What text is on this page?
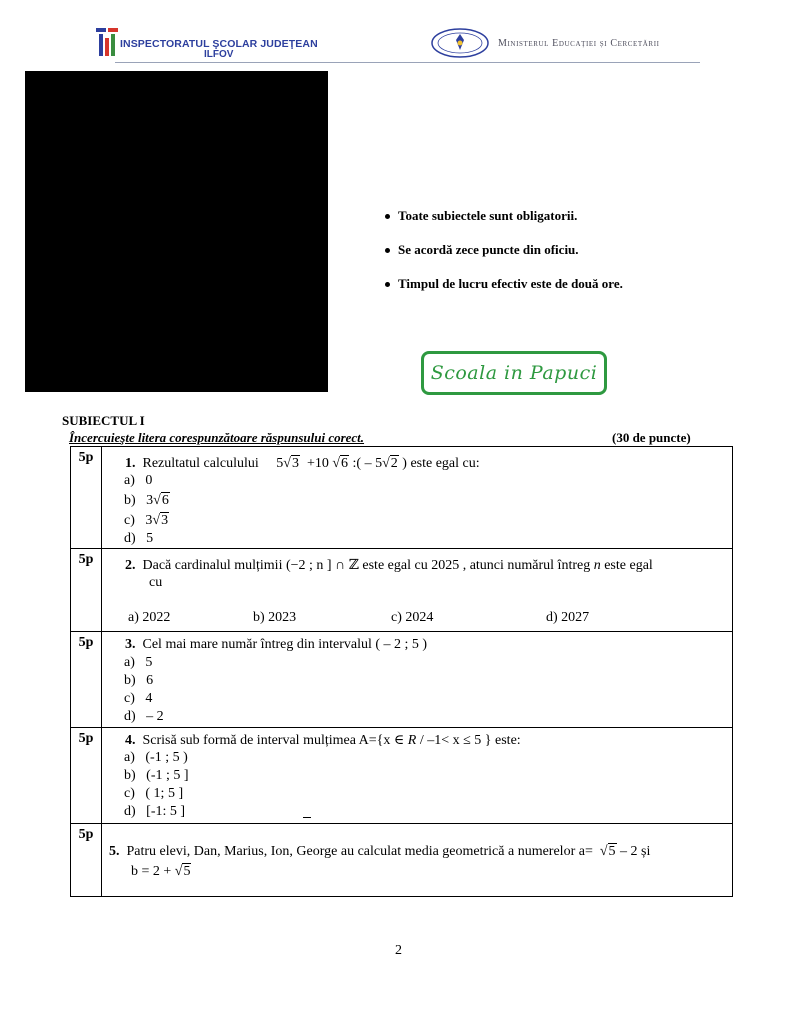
INSPECTORATUL ŞCOLAR JUDEŢEAN
ILFOV
Ministerul Educației și Cercetării
Toate subiectele sunt obligatorii.
Se acordă zece puncte din oficiu.
Timpul de lucru efectiv este de două ore.
Scoala in Papuci
SUBIECTUL I
Încercuieşte litera corespunzătoare răspunsului corect.	(30 de puncte)
5p	1. Rezultatul calculului 5√3 +10 √6 :( – 5√2 ) este egal cu:
a) 0
b) 3√6
c) 3√3
d) 5
5p	2. Dacă cardinalul mulțimii (−2 ; n ] ∩ ℤ este egal cu 2025 , atunci numărul întreg n este egal
cu
a) 2022	b) 2023	c) 2024	d) 2027
5p	3. Cel mai mare număr întreg din intervalul ( – 2 ; 5 )
a) 5
b) 6
c) 4
d) – 2
5p	4. Scrisă sub formă de interval mulțimea A={x ∈ R / –1< x ≤ 5 } este:
a) (-1 ; 5 )
b) (-1 ; 5 ]
c) ( 1; 5 ]
d) [-1: 5 ]
5p
5. Patru elevi, Dan, Marius, Ion, George au calculat media geometrică a numerelor a= √5 – 2 și
b = 2 + √5
2
